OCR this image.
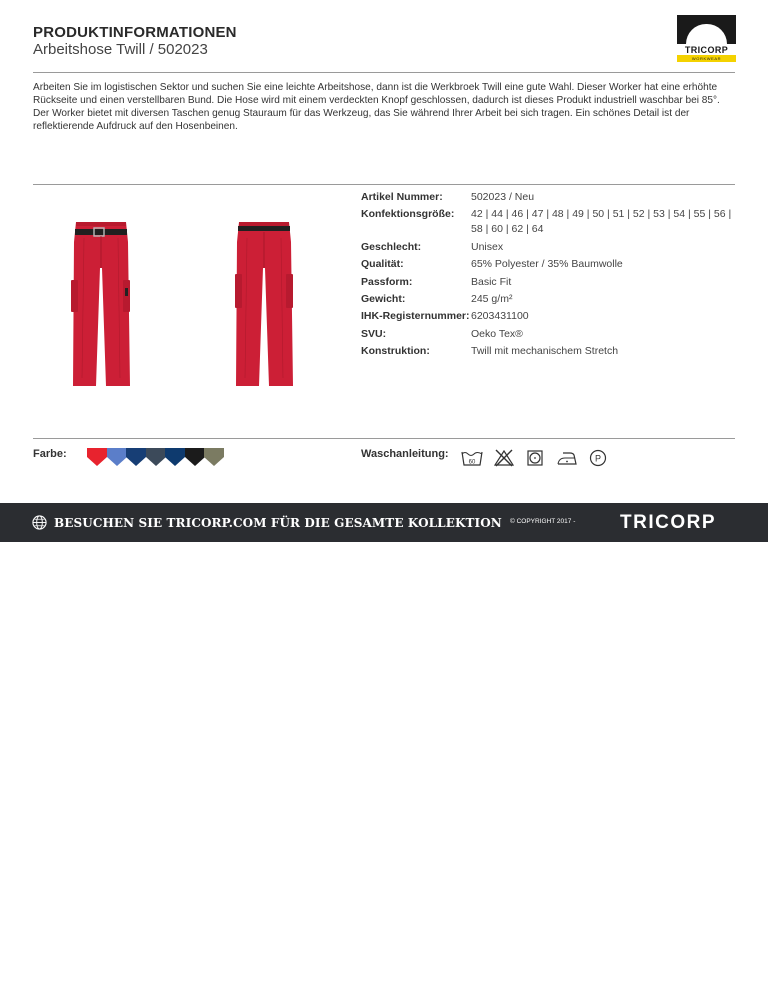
PRODUKTINFORMATIONEN
Arbeitshose Twill / 502023	TRICORP
WORKWEAR
Arbeiten Sie im logistischen Sektor und suchen Sie eine leichte Arbeitshose, dann ist die Werkbroek Twill eine gute Wahl. Dieser Worker hat eine erhöhte Rückseite und einen verstellbaren Bund. Die Hose wird mit einem verdeckten Knopf geschlossen, dadurch ist dieses Produkt industriell waschbar bei 85°. Der Worker bietet mit diversen Taschen genug Stauraum für das Werkzeug, das Sie während Ihrer Arbeit bei sich tragen. Ein schönes Detail ist der reflektierende Aufdruck auf den Hosenbeinen.
Artikel Nummer:	502023 / Neu
Konfektionsgröße:	42 | 44 | 46 | 47 | 48 | 49 | 50 | 51 | 52 | 53 | 54 | 55 | 56 | 58 | 60 | 62 | 64
Geschlecht:	Unisex
Qualität:	65% Polyester / 35% Baumwolle
Passform:	Basic Fit
Gewicht:	245 g/m²
IHK-Registernummer: 6203431100
SVU:	Oeko Tex®
Konstruktion:	Twill mit mechanischem Stretch
Farbe:	Waschanleitung:
60	P
BESUCHEN SIE TRICORP.COM FÜR DIE GESAMTE KOLLEKTION © COPYRIGHT 2017 - TRICORP
